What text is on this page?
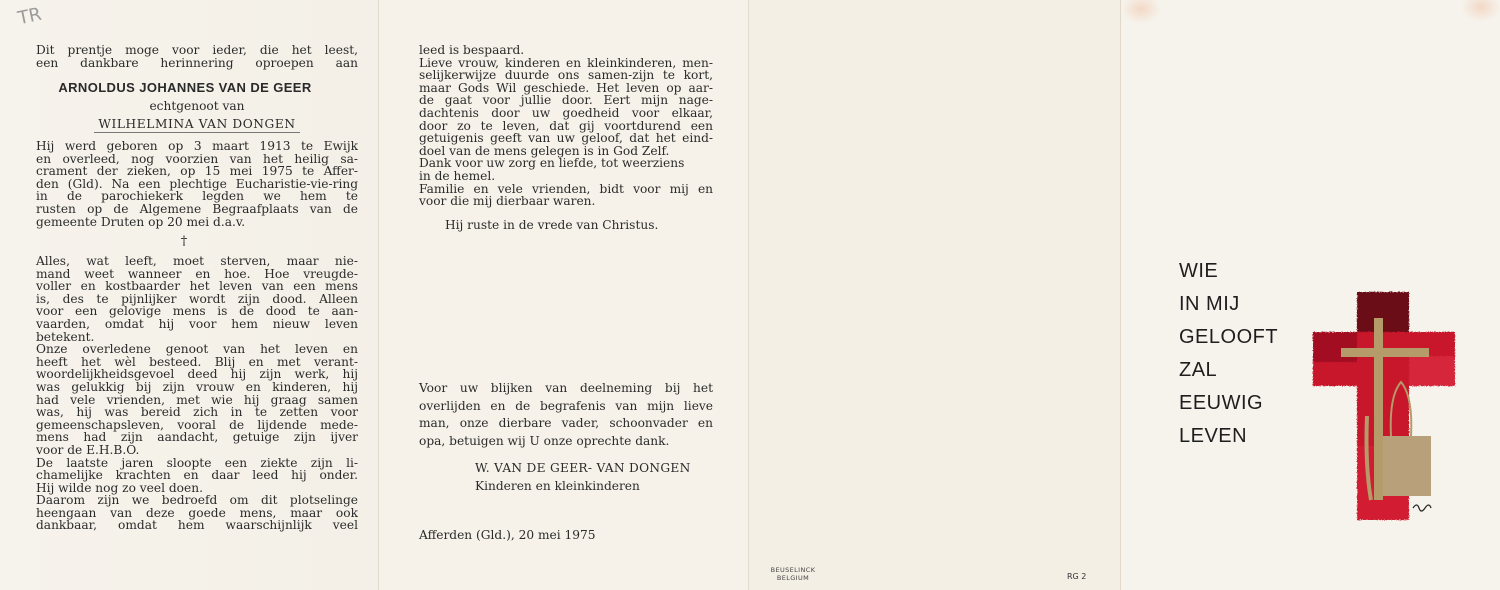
TR
Dit prentje moge voor ieder, die het leest,
een dankbare herinnering oproepen aan
ARNOLDUS JOHANNES VAN DE GEER
echtgenoot van
WILHELMINA VAN DONGEN
Hij werd geboren op 3 maart 1913 te Ewijk
en overleed, nog voorzien van het heilig sa-
crament der zieken, op 15 mei 1975 te Affer-
den (Gld). Na een plechtige Eucharistie-vie-ring
in de parochiekerk legden we hem te
rusten op de Algemene Begraafplaats van de
gemeente Druten op 20 mei d.a.v.
†
Alles, wat leeft, moet sterven, maar nie-
mand weet wanneer en hoe. Hoe vreugde-
voller en kostbaarder het leven van een mens
is, des te pijnlijker wordt zijn dood. Alleen
voor een gelovige mens is de dood te aan-
vaarden, omdat hij voor hem nieuw leven
betekent.
Onze overledene genoot van het leven en
heeft het wèl besteed. Blij en met verant-
woordelijkheidsgevoel deed hij zijn werk, hij
was gelukkig bij zijn vrouw en kinderen, hij
had vele vrienden, met wie hij graag samen
was, hij was bereid zich in te zetten voor
gemeenschapsleven, vooral de lijdende mede-
mens had zijn aandacht, getuige zijn ijver
voor de E.H.B.O.
De laatste jaren sloopte een ziekte zijn li-
chamelijke krachten en daar leed hij onder.
Hij wilde nog zo veel doen.
Daarom zijn we bedroefd om dit plotselinge
heengaan van deze goede mens, maar ook
dankbaar, omdat hem waarschijnlijk veel
leed is bespaard.
Lieve vrouw, kinderen en kleinkinderen, men-
selijkerwijze duurde ons samen-zijn te kort,
maar Gods Wil geschiede. Het leven op aar-
de gaat voor jullie door. Eert mijn nage-
dachtenis door uw goedheid voor elkaar,
door zo te leven, dat gij voortdurend een
getuigenis geeft van uw geloof, dat het eind-
doel van de mens gelegen is in God Zelf.
Dank voor uw zorg en liefde, tot weerziens
in de hemel.
Familie en vele vrienden, bidt voor mij en
voor die mij dierbaar waren.
Hij ruste in de vrede van Christus.
Voor uw blijken van deelneming bij het
overlijden en de begrafenis van mijn lieve
man, onze dierbare vader, schoonvader en
opa, betuigen wij U onze oprechte dank.
W. VAN DE GEER- VAN DONGEN
Kinderen en kleinkinderen
Afferden (Gld.), 20 mei 1975
BEUSELINCK
BELGIUM	RG 2
WIE
IN MIJ
GELOOFT
ZAL
EEUWIG
LEVEN
